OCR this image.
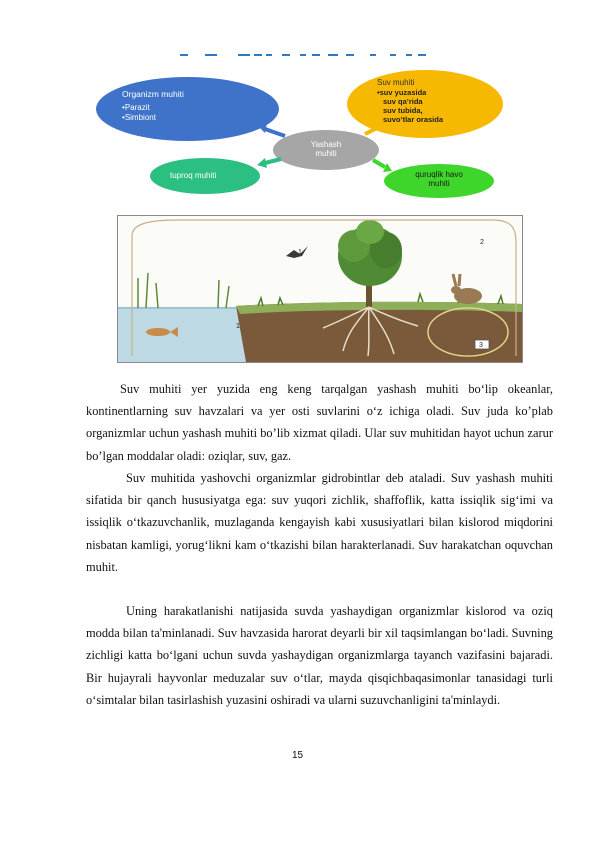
Organizm muhiti
• Parazit
• Simbiont
Suv muhiti
• suv yuzasida
suv qa’rida
suv tubida,
suvo’tlar orasida
Yashash
muhiti
tuproq muhiti	quruqlik havo
muhiti
1
2
1
3

Suv muhiti yer yuzida eng keng tarqalgan yashash muhiti bo‘lip okeanlar, kontinentlarning suv havzalari va yer osti suvlarini o‘z ichiga oladi. Suv juda ko’plab organizmlar uchun yashash muhiti bo’lib xizmat qiladi. Ular suv muhitidan hayot uchun zarur bo’lgan moddalar oladi: oziqlar, suv, gaz.

Suv muhitida yashovchi organizmlar gidrobintlar deb ataladi. Suv yashash muhiti sifatida bir qanch hususiyatga ega: suv yuqori zichlik, shaffoflik, katta issiqlik sig‘imi va issiqlik o‘tkazuvchanlik, muzlaganda kengayish kabi xususiyatlari bilan kislorod miqdorini nisbatan kamligi, yorug‘likni kam o‘tkazishi bilan harakterlanadi. Suv harakatchan oquvchan muhit.

Uning harakatlanishi natijasida suvda yashaydigan organizmlar kislorod va oziq modda bilan ta'minlanadi. Suv havzasida harorat deyarli bir xil taqsimlangan bo‘ladi. Suvning zichligi katta bo‘lgani uchun suvda yashaydigan organizmlarga tayanch vazifasini bajaradi. Bir hujayrali hayvonlar meduzalar suv o‘tlar, mayda qisqichbaqasimonlar tanasidagi turli o‘simtalar bilan tasirlashish yuzasini oshiradi va ularni suzuvchanligini ta'minlaydi.

15
